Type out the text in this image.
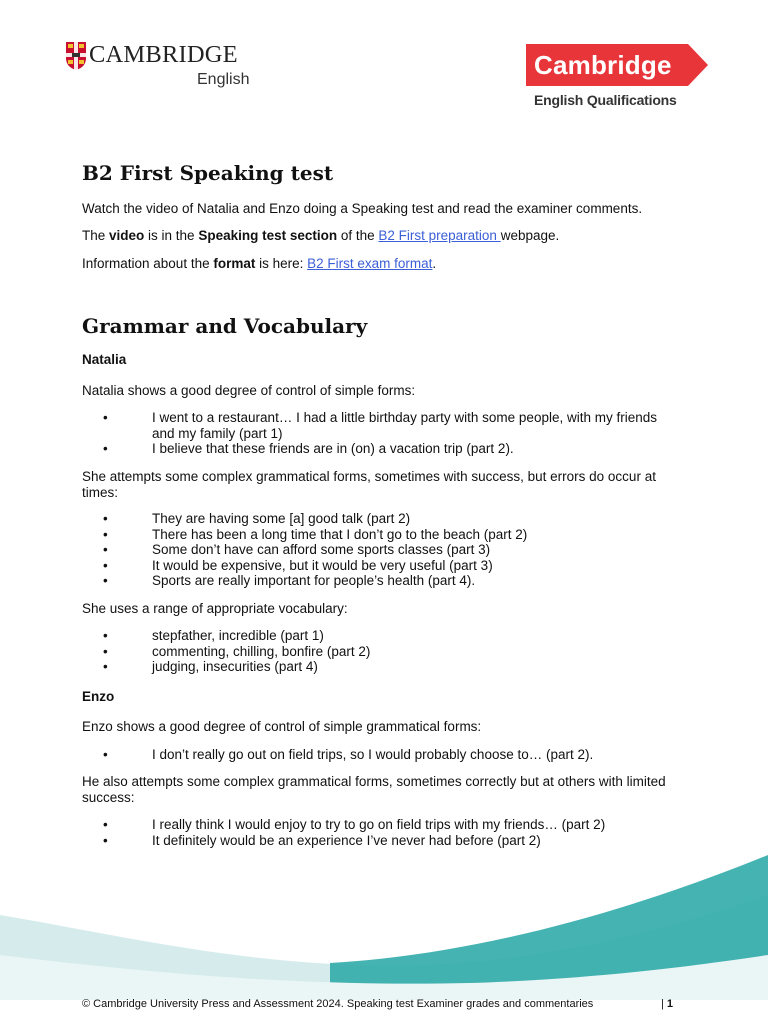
CAMBRIDGE
English	Cambridge
English Qualifications
B2 First Speaking test
Watch the video of Natalia and Enzo doing a Speaking test and read the examiner comments.
The video is in the Speaking test section of the B2 First preparation webpage.
Information about the format is here: B2 First exam format.
Grammar and Vocabulary
Natalia
Natalia shows a good degree of control of simple forms:
•	I went to a restaurant… I had a little birthday party with some people, with my friends and my family (part 1)
•	I believe that these friends are in (on) a vacation trip (part 2).
She attempts some complex grammatical forms, sometimes with success, but errors do occur at times:
•	They are having some [a] good talk (part 2)
•	There has been a long time that I don’t go to the beach (part 2)
•	Some don’t have can afford some sports classes (part 3)
•	It would be expensive, but it would be very useful (part 3)
•	Sports are really important for people’s health (part 4).
She uses a range of appropriate vocabulary:
•	stepfather, incredible (part 1)
•	commenting, chilling, bonfire (part 2)
•	judging, insecurities (part 4)
Enzo
Enzo shows a good degree of control of simple grammatical forms:
•	I don’t really go out on field trips, so I would probably choose to… (part 2).
He also attempts some complex grammatical forms, sometimes correctly but at others with limited success:
•	I really think I would enjoy to try to go on field trips with my friends… (part 2)
•	It definitely would be an experience I’ve never had before (part 2)
© Cambridge University Press and Assessment 2024. Speaking test Examiner grades and commentaries	| 1
